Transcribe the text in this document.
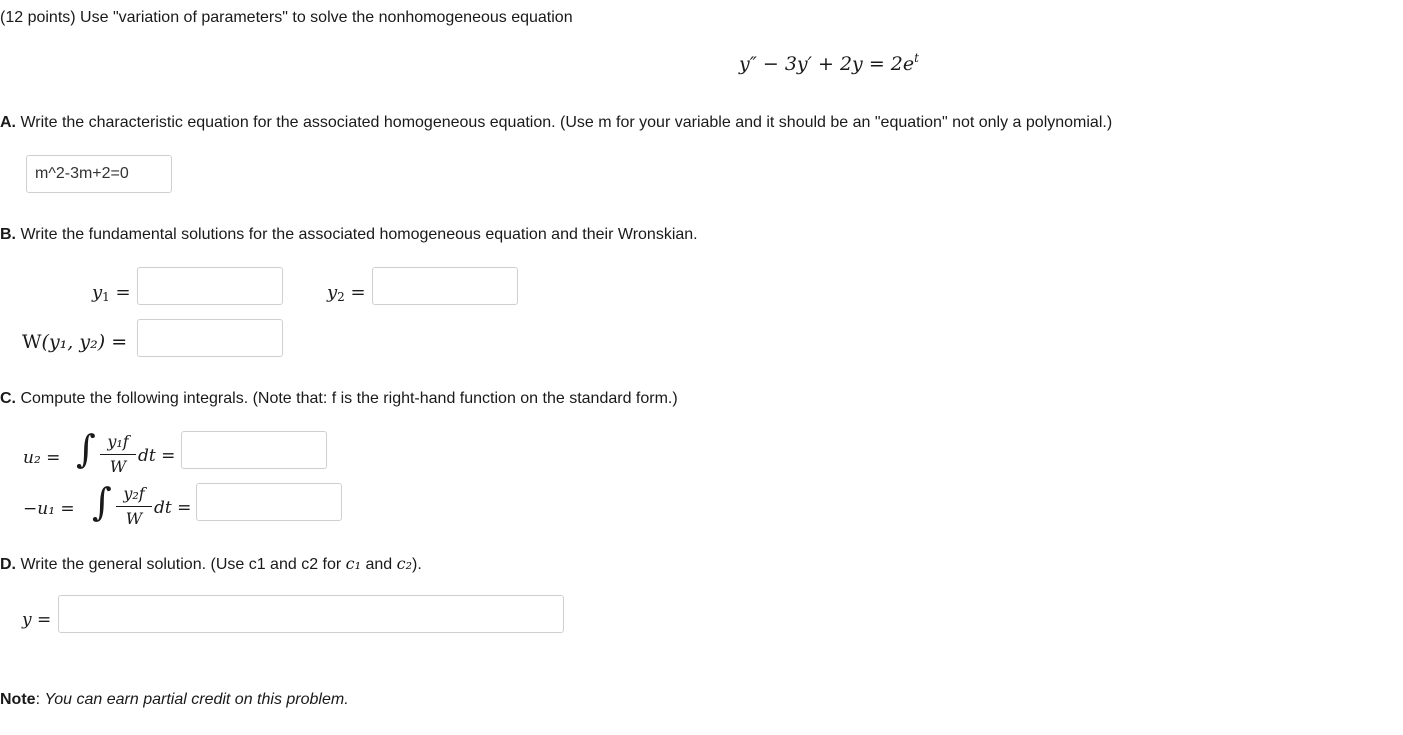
(12 points) Use "variation of parameters" to solve the nonhomogeneous equation
$y'' - 3y' + 2y = 2e^t$
A. Write the characteristic equation for the associated homogeneous equation. (Use m for your variable and it should be an "equation" not only a polynomial.)
m^2-3m+2=0
B. Write the fundamental solutions for the associated homogeneous equation and their Wronskian.
$y_1$ =	$y_2$ =
W(y₁, y₂) =
C. Compute the following integrals. (Note that: f is the right-hand function on the standard form.)
u₂ = ∫ y₁f
W
dt =
−u₁ = ∫ y₂f
W
dt =
D. Write the general solution. (Use c1 and c2 for c₁ and c₂).
y =
Note: You can earn partial credit on this problem.
